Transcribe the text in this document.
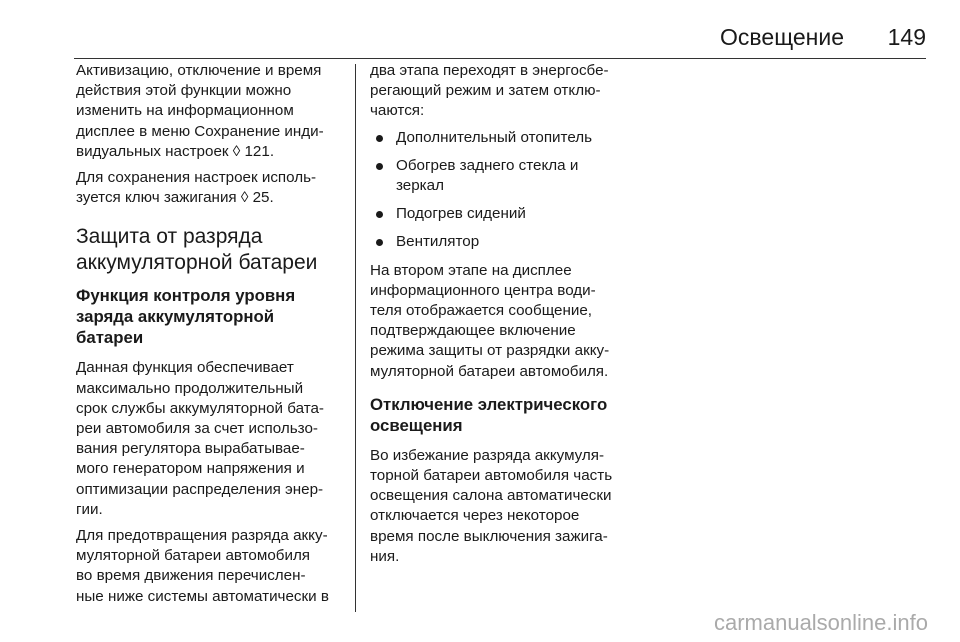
Освещение 149

Активизацию, отключение и время
действия этой функции можно
изменить на информационном
дисплее в меню Сохранение инди-
видуальных настроек ◊ 121.

Для сохранения настроек исполь-
зуется ключ зажигания ◊ 25.

Защита от разряда
аккумуляторной батареи
Функция контроля уровня
заряда аккумуляторной
батареи

Данная функция обеспечивает
максимально продолжительный
срок службы аккумуляторной бата-
реи автомобиля за счет использо-
вания регулятора вырабатывае-
мого генератором напряжения и
оптимизации распределения энер-
гии.

Для предотвращения разряда акку-
муляторной батареи автомобиля
во время движения перечислен-
ные ниже системы автоматически в

два этапа переходят в энергосбе-
регающий режим и затем отклю-
чаются:

Дополнительный отопитель
Обогрев заднего стекла и
зеркал
Подогрев сидений
Вентилятор

На втором этапе на дисплее
информационного центра води-
теля отображается сообщение,
подтверждающее включение
режима защиты от разрядки акку-
муляторной батареи автомобиля.

Отключение электрического
освещения

Во избежание разряда аккумуля-
торной батареи автомобиля часть
освещения салона автоматически
отключается через некоторое
время после выключения зажига-
ния.

carmanualsonline.info
